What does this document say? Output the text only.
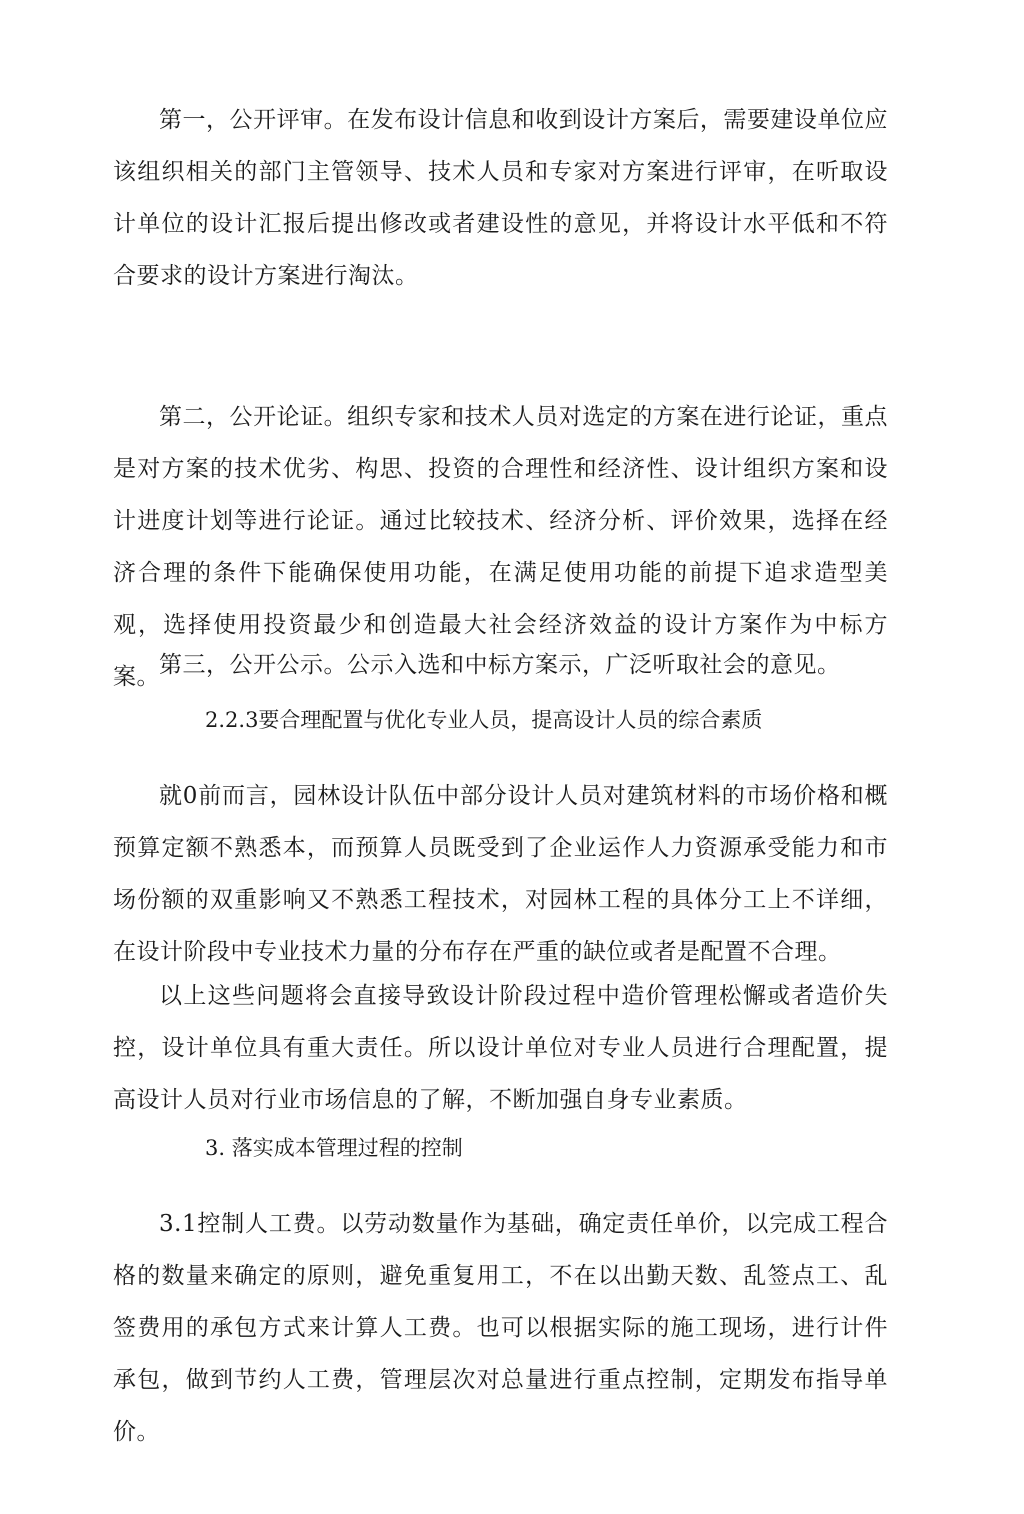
第一，公开评审。在发布设计信息和收到设计方案后，需要建设单位应该组织相关的部门主管领导、技术人员和专家对方案进行评审，在听取设计单位的设计汇报后提出修改或者建设性的意见，并将设计水平低和不符合要求的设计方案进行淘汰。

第二，公开论证。组织专家和技术人员对选定的方案在进行论证，重点是对方案的技术优劣、构思、投资的合理性和经济性、设计组织方案和设计进度计划等进行论证。通过比较技术、经济分析、评价效果，选择在经济合理的条件下能确保使用功能，在满足使用功能的前提下追求造型美观，选择使用投资最少和创造最大社会经济效益的设计方案作为中标方案。 第三，公开公示。公示入选和中标方案示，广泛听取社会的意见。

2.2.3要合理配置与优化专业人员，提高设计人员的综合素质

就0前而言，园林设计队伍中部分设计人员对建筑材料的市场价格和概预算定额不熟悉本，而预算人员既受到了企业运作人力资源承受能力和市场份额的双重影响又不熟悉工程技术，对园林工程的具体分工上不详细，在设计阶段中专业技术力量的分布存在严重的缺位或者是配置不合理。

以上这些问题将会直接导致设计阶段过程中造价管理松懈或者造价失控，设计单位具有重大责任。所以设计单位对专业人员进行合理配置，提高设计人员对行业市场信息的了解，不断加强自身专业素质。

3. 落实成本管理过程的控制

3.1控制人工费。以劳动数量作为基础，确定责任单价，以完成工程合格的数量来确定的原则，避免重复用工，不在以出勤天数、乱签点工、乱签费用的承包方式来计算人工费。也可以根据实际的施工现场，进行计件承包，做到节约人工费，管理层次对总量进行重点控制，定期发布指导单价。
